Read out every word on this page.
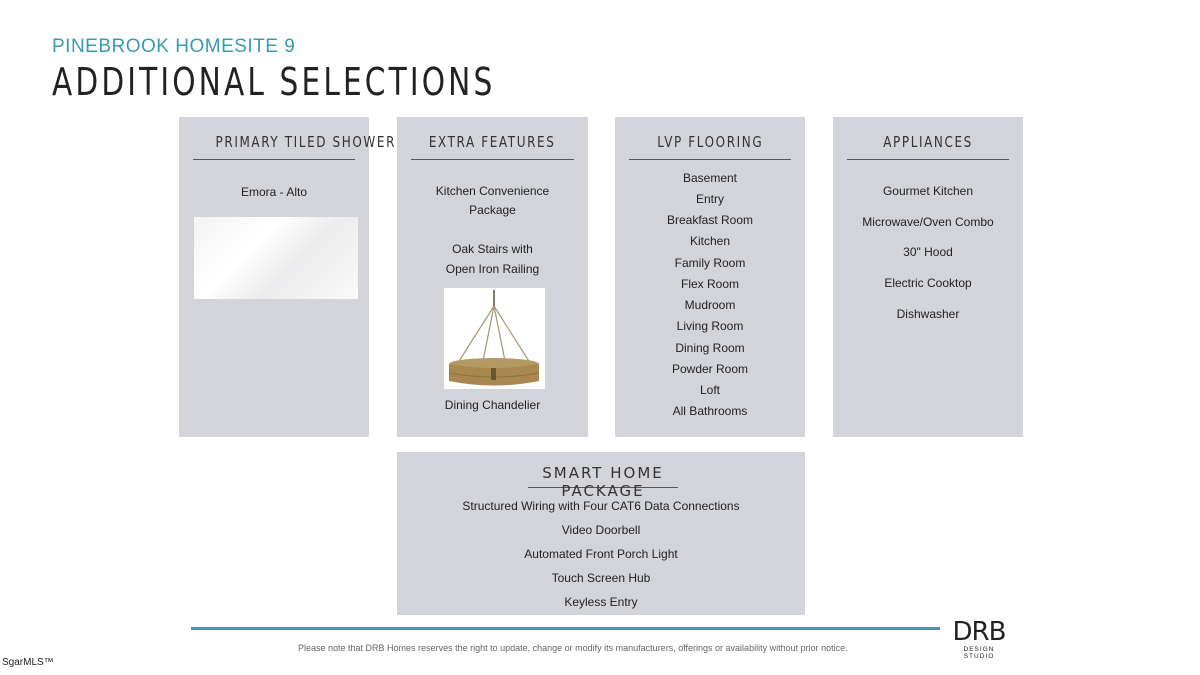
PINEBROOK HOMESITE 9
ADDITIONAL SELECTIONS
PRIMARY TILED SHOWER
Emora - Alto
EXTRA FEATURES
Kitchen Convenience
Package
Oak Stairs with
Open Iron Railing
Dining Chandelier
LVP FLOORING
Basement
Entry
Breakfast Room
Kitchen
Family Room
Flex Room
Mudroom
Living Room
Dining Room
Powder Room
Loft
All Bathrooms
APPLIANCES
Gourmet Kitchen
Microwave/Oven Combo
30" Hood
Electric Cooktop
Dishwasher
SMART HOME PACKAGE
Structured Wiring with Four CAT6 Data Connections
Video Doorbell
Automated Front Porch Light
Touch Screen Hub
Keyless Entry
Please note that DRB Homes reserves the right to update, change or modify its manufacturers, offerings or availability without prior notice.
DRB
DESIGN STUDIO
SgarMLS™
